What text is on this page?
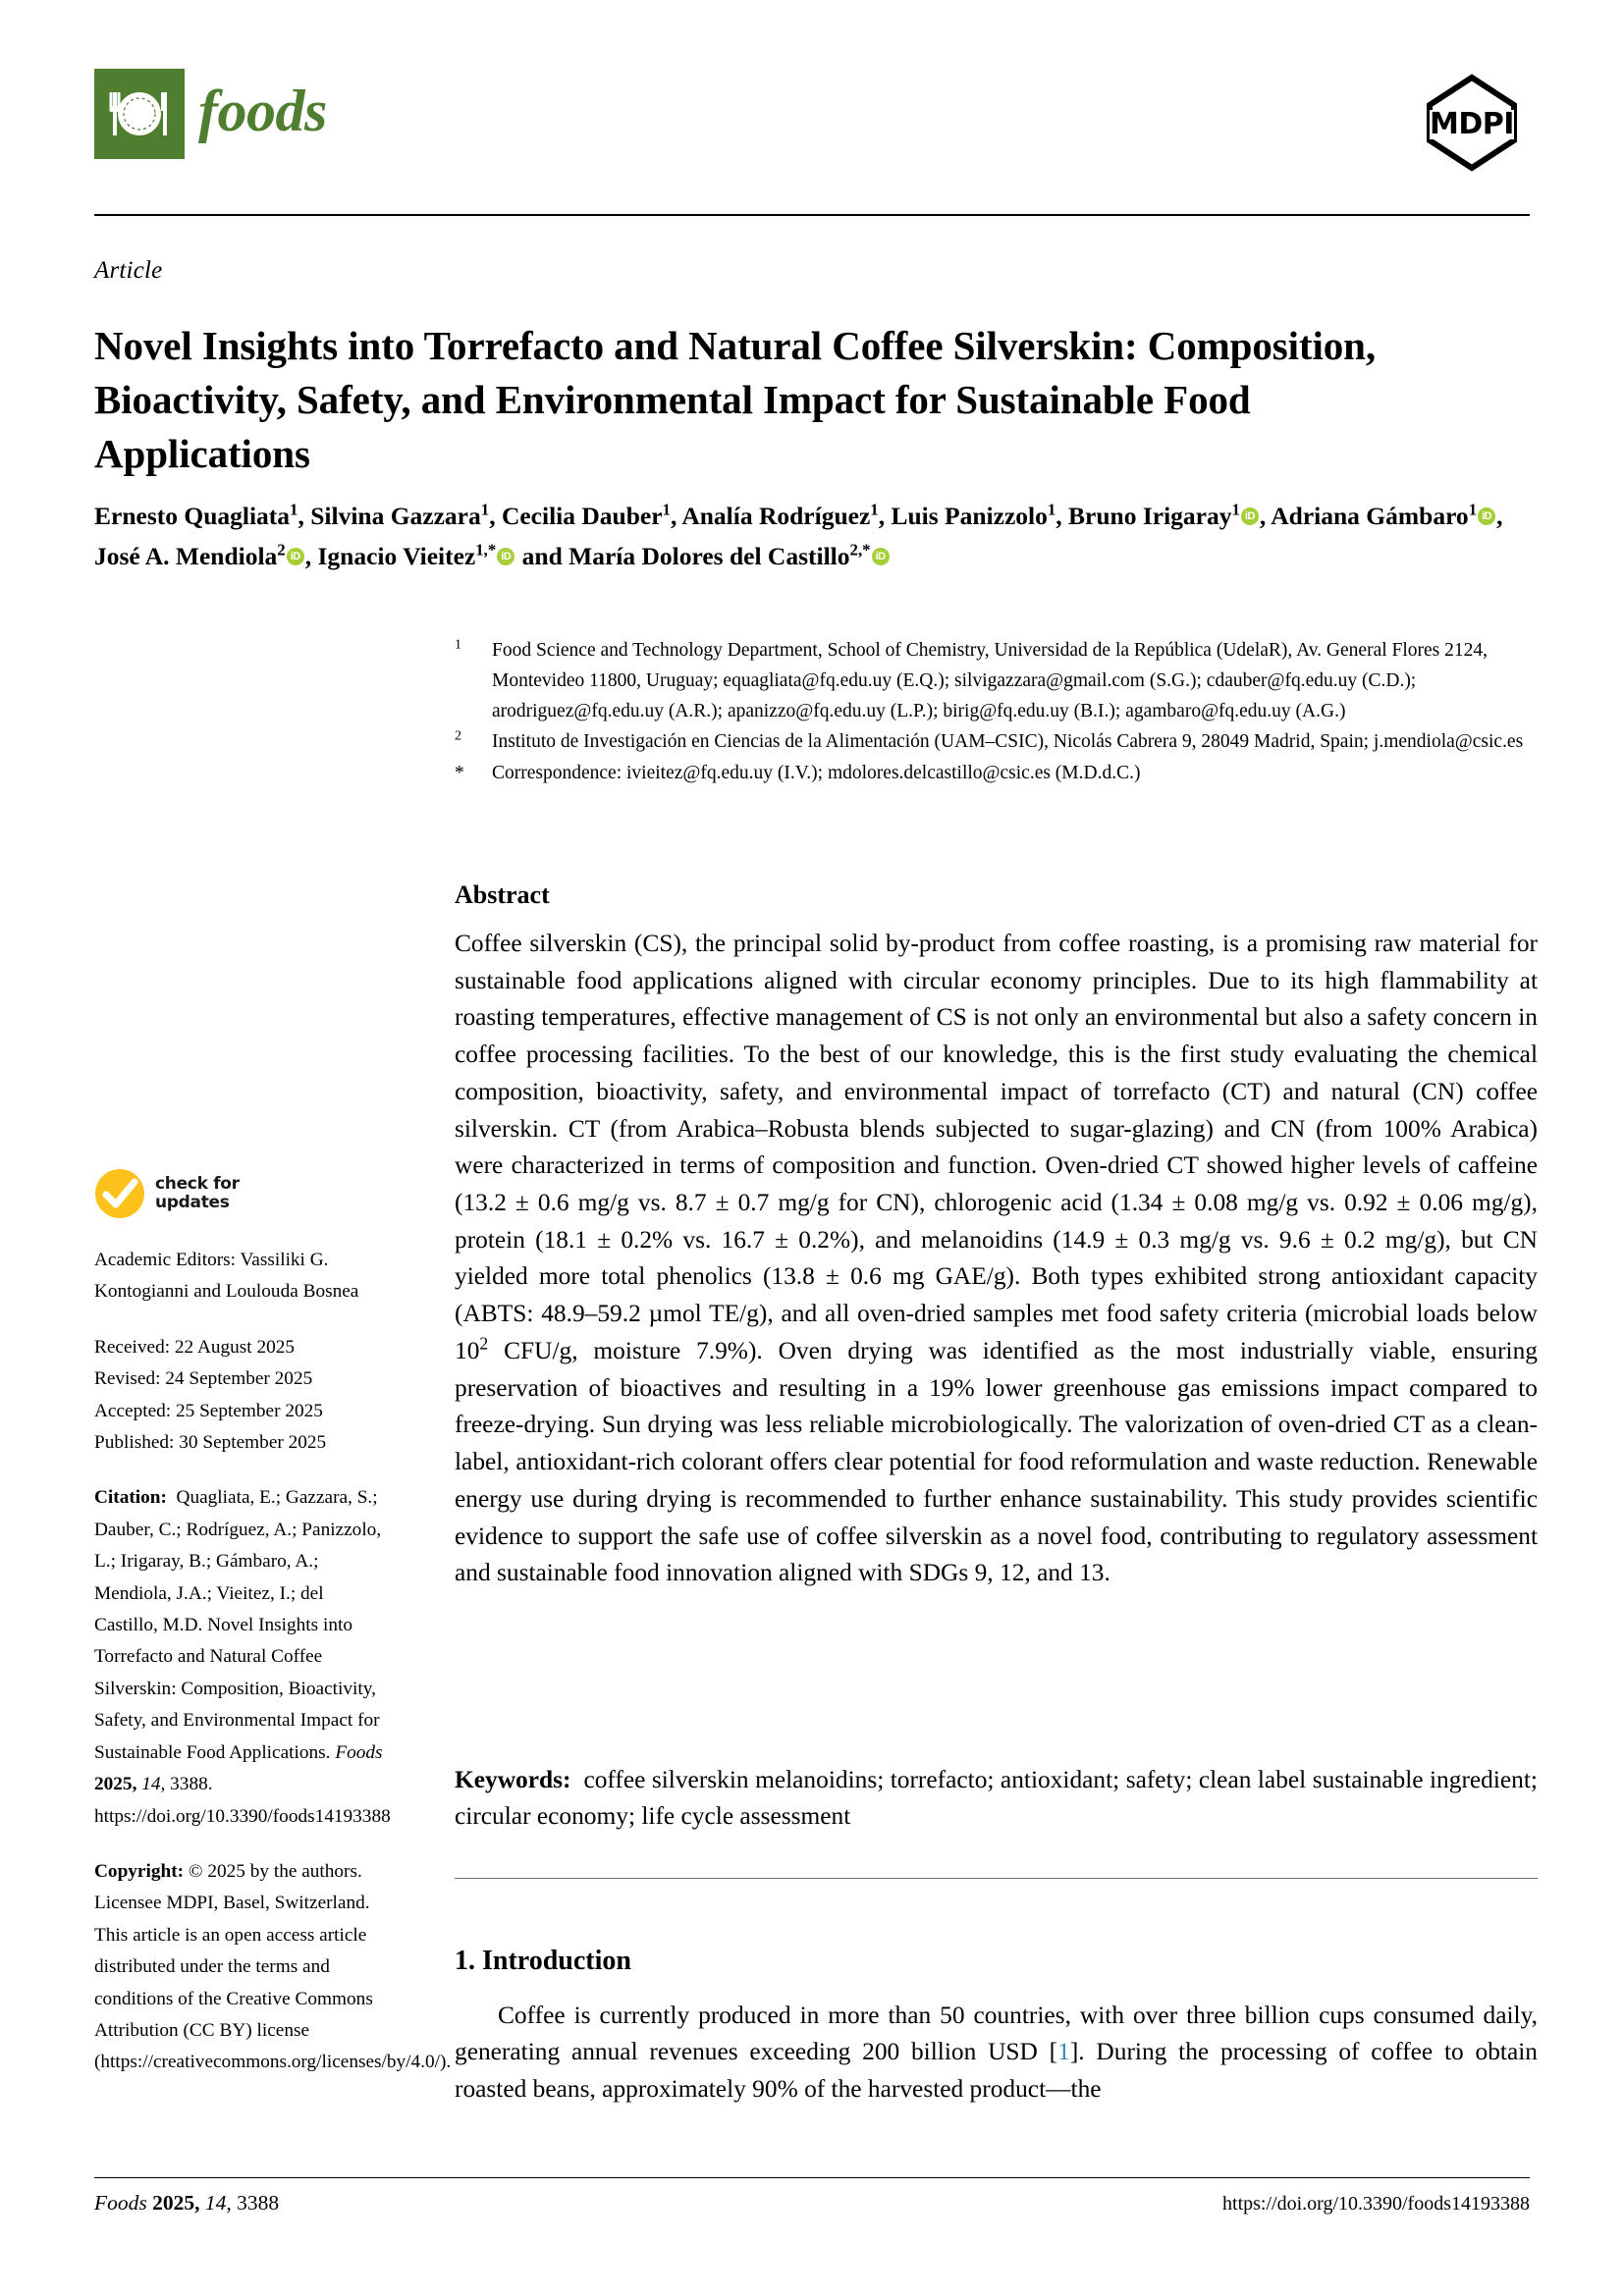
foods	MDPI
Article
Novel Insights into Torrefacto and Natural Coffee Silverskin: Composition, Bioactivity, Safety, and Environmental Impact for Sustainable Food Applications
Ernesto Quagliata$^1$, Silvina Gazzara$^1$, Cecilia Dauber$^1$, Analía Rodríguez$^1$, Luis Panizzolo$^1$, Bruno Irigaray$^1$ iD , Adriana Gámbaro$^1$ iD , José A. Mendiola$^2$ iD , Ignacio Vieitez$^{1,*}$ iD and María Dolores del Castillo$^{2,*}$ iD
$^1$	Food Science and Technology Department, School of Chemistry, Universidad de la República (UdelaR), Av. General Flores 2124, Montevideo 11800, Uruguay; equagliata@fq.edu.uy (E.Q.); silvigazzara@gmail.com (S.G.); cdauber@fq.edu.uy (C.D.); arodriguez@fq.edu.uy (A.R.); apanizzo@fq.edu.uy (L.P.); birig@fq.edu.uy (B.I.); agambaro@fq.edu.uy (A.G.)
$^2$	Instituto de Investigación en Ciencias de la Alimentación (UAM–CSIC), Nicolás Cabrera 9, 28049 Madrid, Spain; j.mendiola@csic.es
*	Correspondence: ivieitez@fq.edu.uy (I.V.); mdolores.delcastillo@csic.es (M.D.d.C.)
Abstract
Coffee silverskin (CS), the principal solid by-product from coffee roasting, is a promising raw material for sustainable food applications aligned with circular economy principles. Due to its high flammability at roasting temperatures, effective management of CS is not only an environmental but also a safety concern in coffee processing facilities. To the best of our knowledge, this is the first study evaluating the chemical composition, bioactivity, safety, and environmental impact of torrefacto (CT) and natural (CN) coffee silverskin. CT (from Arabica–Robusta blends subjected to sugar-glazing) and CN (from 100% Arabica) were characterized in terms of composition and function. Oven-dried CT showed higher levels of caffeine (13.2 ± 0.6 mg/g vs. 8.7 ± 0.7 mg/g for CN), chlorogenic acid (1.34 ± 0.08 mg/g vs. 0.92 ± 0.06 mg/g), protein (18.1 ± 0.2% vs. 16.7 ± 0.2%), and melanoidins (14.9 ± 0.3 mg/g vs. 9.6 ± 0.2 mg/g), but CN yielded more total phenolics (13.8 ± 0.6 mg GAE/g). Both types exhibited strong antioxidant capacity (ABTS: 48.9–59.2 µmol TE/g), and all oven-dried samples met food safety criteria (microbial loads below $10^2$ CFU/g, moisture 7.9%). Oven drying was identified as the most industrially viable, ensuring preservation of bioactives and resulting in a 19% lower greenhouse gas emissions impact compared to freeze-drying. Sun drying was less reliable microbiologically. The valorization of oven-dried CT as a clean-label, antioxidant-rich colorant offers clear potential for food reformulation and waste reduction. Renewable energy use during drying is recommended to further enhance sustainability. This study provides scientific evidence to support the safe use of coffee silverskin as a novel food, contributing to regulatory assessment and sustainable food innovation aligned with SDGs 9, 12, and 13.
Keywords: coffee silverskin melanoidins; torrefacto; antioxidant; safety; clean label sustainable ingredient; circular economy; life cycle assessment
1. Introduction
Coffee is currently produced in more than 50 countries, with over three billion cups consumed daily, generating annual revenues exceeding 200 billion USD [1]. During the processing of coffee to obtain roasted beans, approximately 90% of the harvested product—the
check for
updates
Academic Editors: Vassiliki G. Kontogianni and Loulouda Bosnea
Received: 22 August 2025
Revised: 24 September 2025
Accepted: 25 September 2025
Published: 30 September 2025
Citation: Quagliata, E.; Gazzara, S.; Dauber, C.; Rodríguez, A.; Panizzolo, L.; Irigaray, B.; Gámbaro, A.; Mendiola, J.A.; Vieitez, I.; del Castillo, M.D. Novel Insights into Torrefacto and Natural Coffee Silverskin: Composition, Bioactivity, Safety, and Environmental Impact for Sustainable Food Applications. Foods 2025, 14, 3388. https://doi.org/10.3390/foods14193388
Copyright: © 2025 by the authors. Licensee MDPI, Basel, Switzerland. This article is an open access article distributed under the terms and conditions of the Creative Commons Attribution (CC BY) license (https://creativecommons.org/licenses/by/4.0/).
Foods 2025, 14, 3388	https://doi.org/10.3390/foods14193388
